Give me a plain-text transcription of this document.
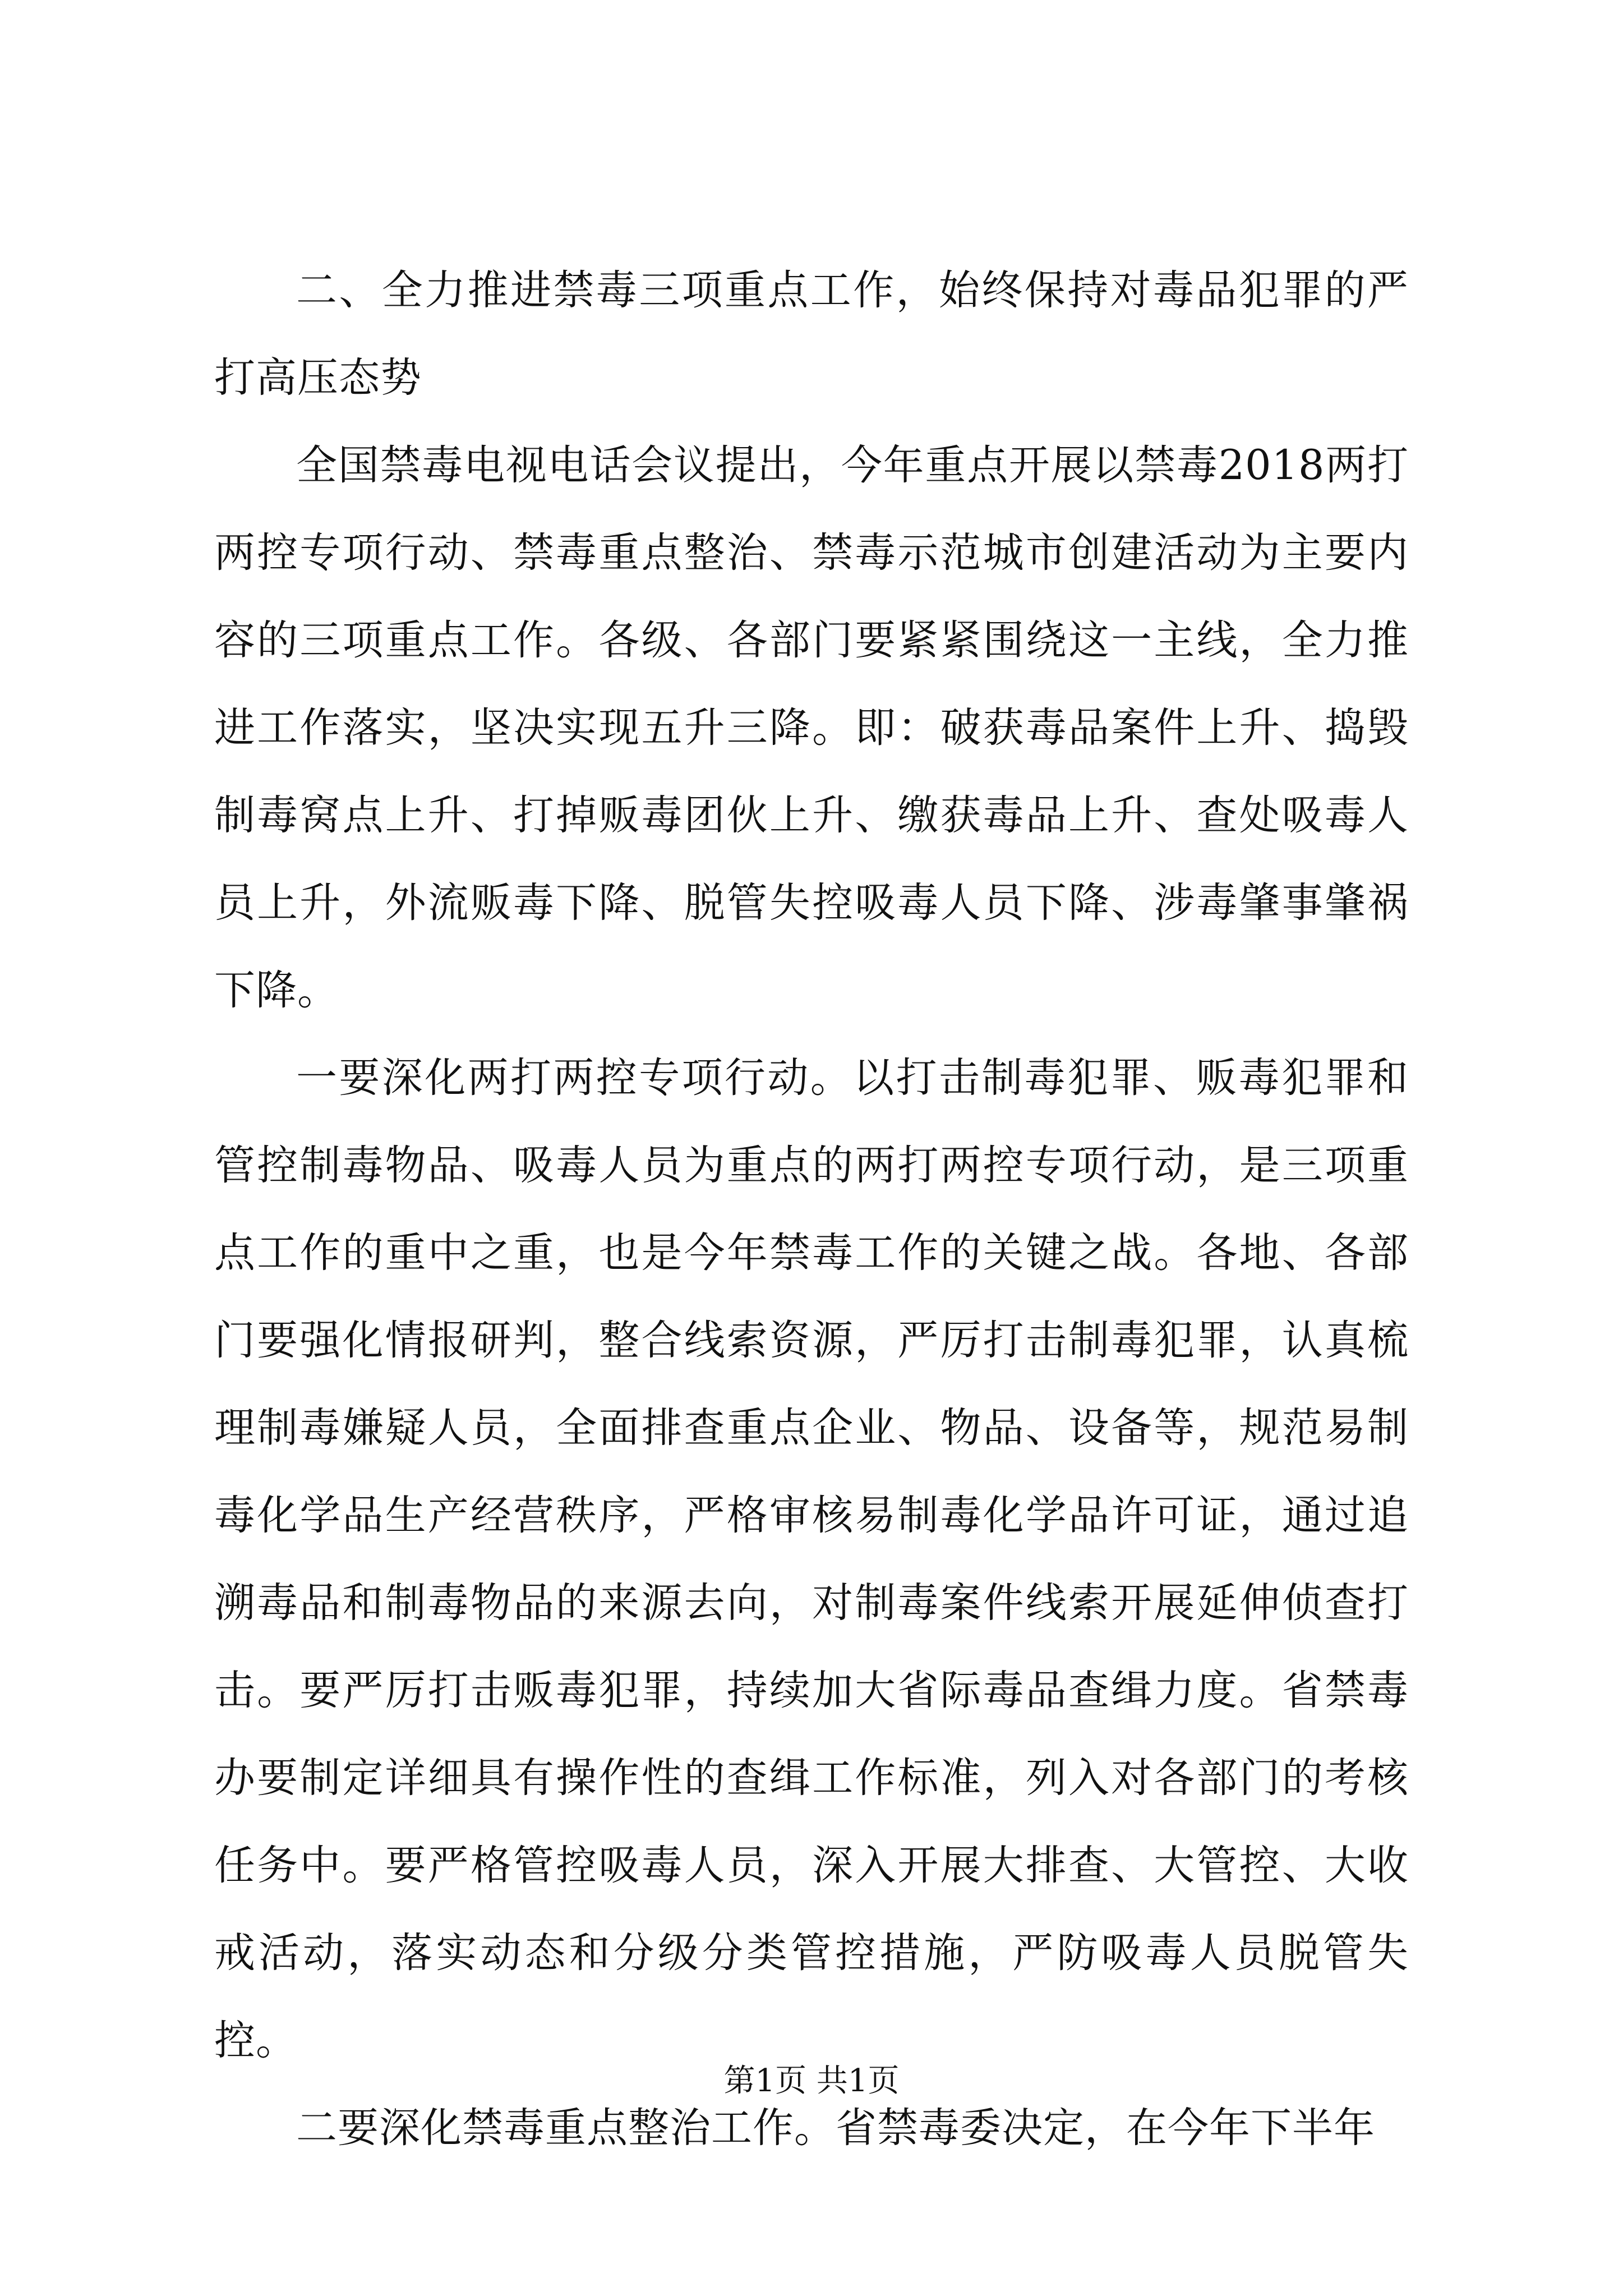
二、全力推进禁毒三项重点工作，始终保持对毒品犯罪的严打高压态势

全国禁毒电视电话会议提出，今年重点开展以禁毒2018两打两控专项行动、禁毒重点整治、禁毒示范城市创建活动为主要内容的三项重点工作。各级、各部门要紧紧围绕这一主线，全力推进工作落实，坚决实现五升三降。即：破获毒品案件上升、捣毁制毒窝点上升、打掉贩毒团伙上升、缴获毒品上升、查处吸毒人员上升，外流贩毒下降、脱管失控吸毒人员下降、涉毒肇事肇祸下降。

一要深化两打两控专项行动。以打击制毒犯罪、贩毒犯罪和管控制毒物品、吸毒人员为重点的两打两控专项行动，是三项重点工作的重中之重，也是今年禁毒工作的关键之战。各地、各部门要强化情报研判，整合线索资源，严厉打击制毒犯罪，认真梳理制毒嫌疑人员，全面排查重点企业、物品、设备等，规范易制毒化学品生产经营秩序，严格审核易制毒化学品许可证，通过追溯毒品和制毒物品的来源去向，对制毒案件线索开展延伸侦查打击。要严厉打击贩毒犯罪，持续加大省际毒品查缉力度。省禁毒办要制定详细具有操作性的查缉工作标准，列入对各部门的考核任务中。要严格管控吸毒人员，深入开展大排查、大管控、大收戒活动，落实动态和分级分类管控措施，严防吸毒人员脱管失控。

二要深化禁毒重点整治工作。省禁毒委决定，在今年下半年

第1页 共1页
